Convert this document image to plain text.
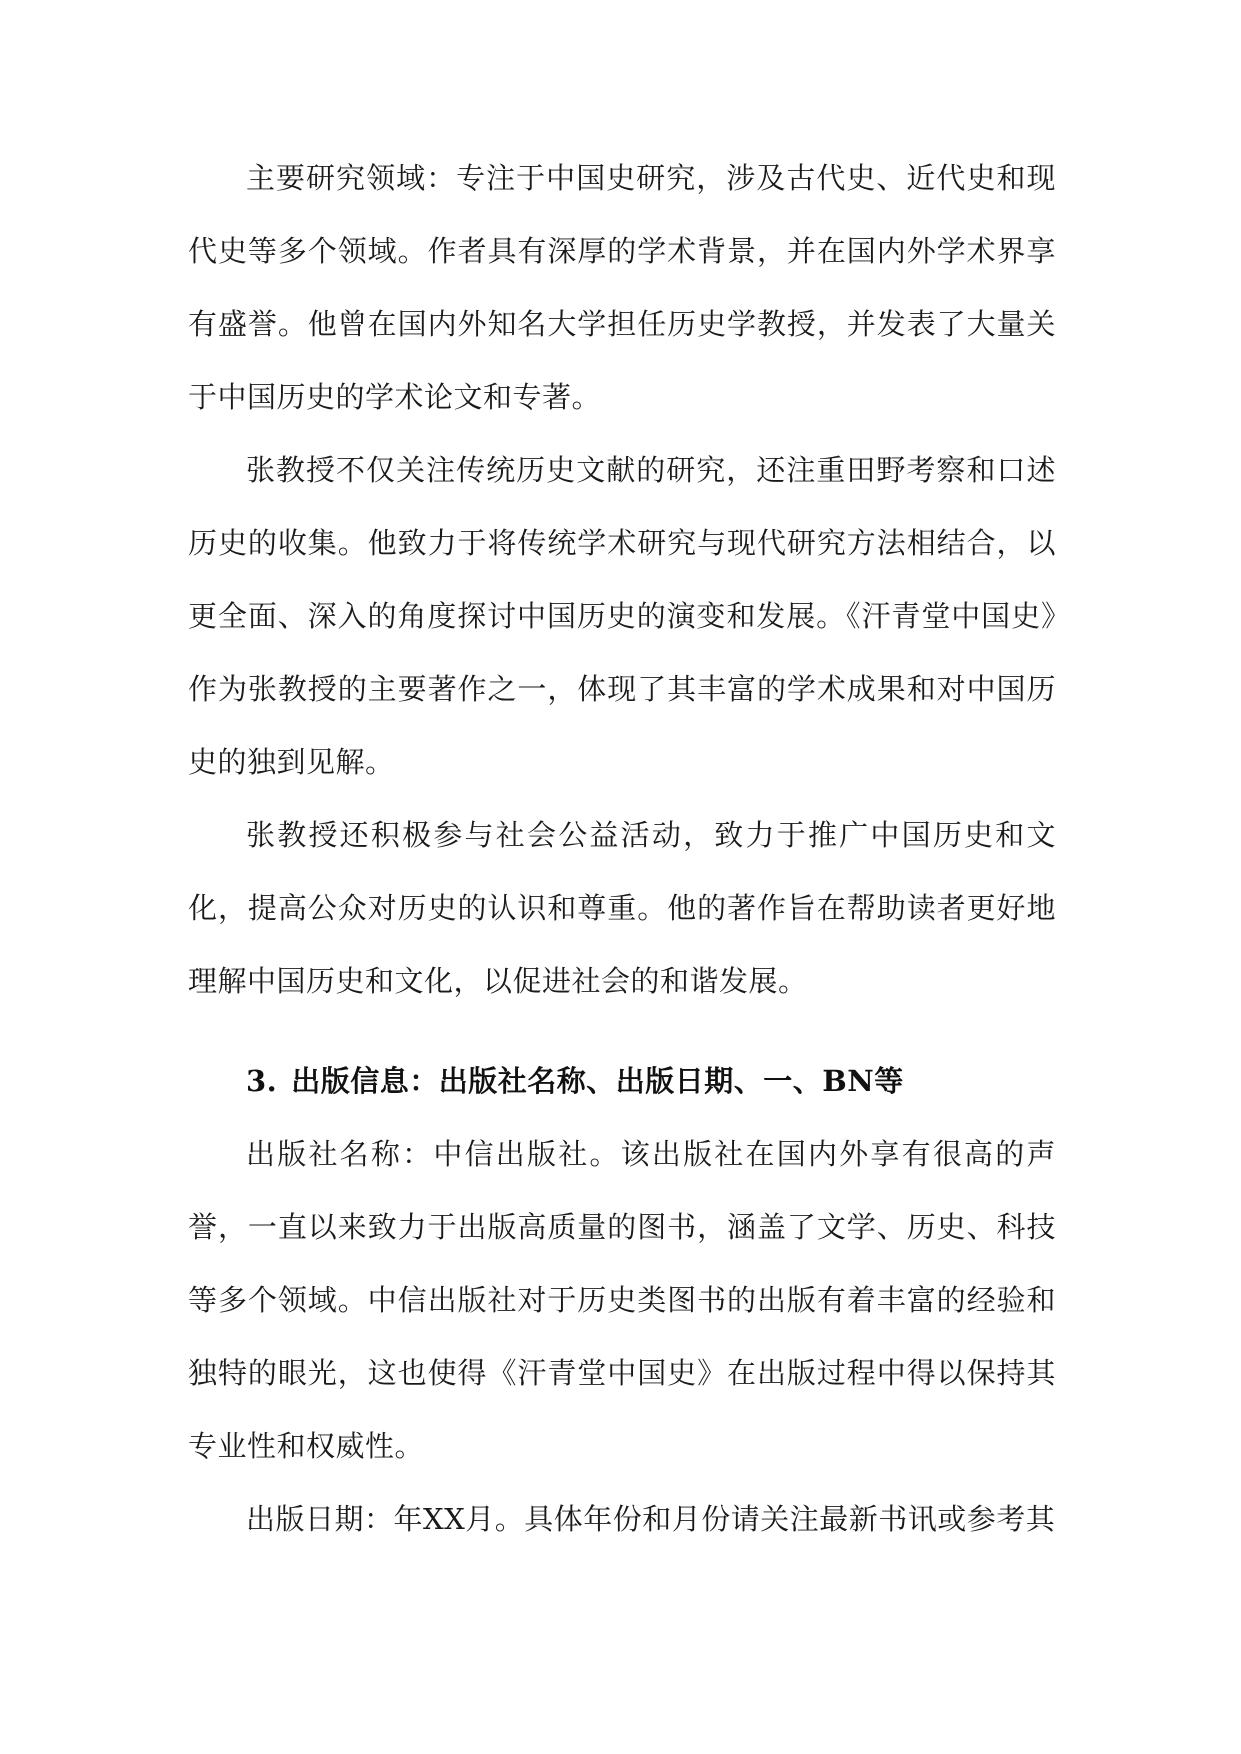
主要研究领域：专注于中国史研究，涉及古代史、近代史和现代史等多个领域。作者具有深厚的学术背景，并在国内外学术界享有盛誉。他曾在国内外知名大学担任历史学教授，并发表了大量关于中国历史的学术论文和专著。

张教授不仅关注传统历史文献的研究，还注重田野考察和口述历史的收集。他致力于将传统学术研究与现代研究方法相结合，以更全面、深入的角度探讨中国历史的演变和发展。《汗青堂中国史》作为张教授的主要著作之一，体现了其丰富的学术成果和对中国历史的独到见解。

张教授还积极参与社会公益活动，致力于推广中国历史和文化，提高公众对历史的认识和尊重。他的著作旨在帮助读者更好地理解中国历史和文化，以促进社会的和谐发展。

3. 出版信息：出版社名称、出版日期、一、BN等

出版社名称：中信出版社。该出版社在国内外享有很高的声誉，一直以来致力于出版高质量的图书，涵盖了文学、历史、科技等多个领域。中信出版社对于历史类图书的出版有着丰富的经验和独特的眼光，这也使得《汗青堂中国史》在出版过程中得以保持其专业性和权威性。

出版日期：年XX月。具体年份和月份请关注最新书讯或参考其
